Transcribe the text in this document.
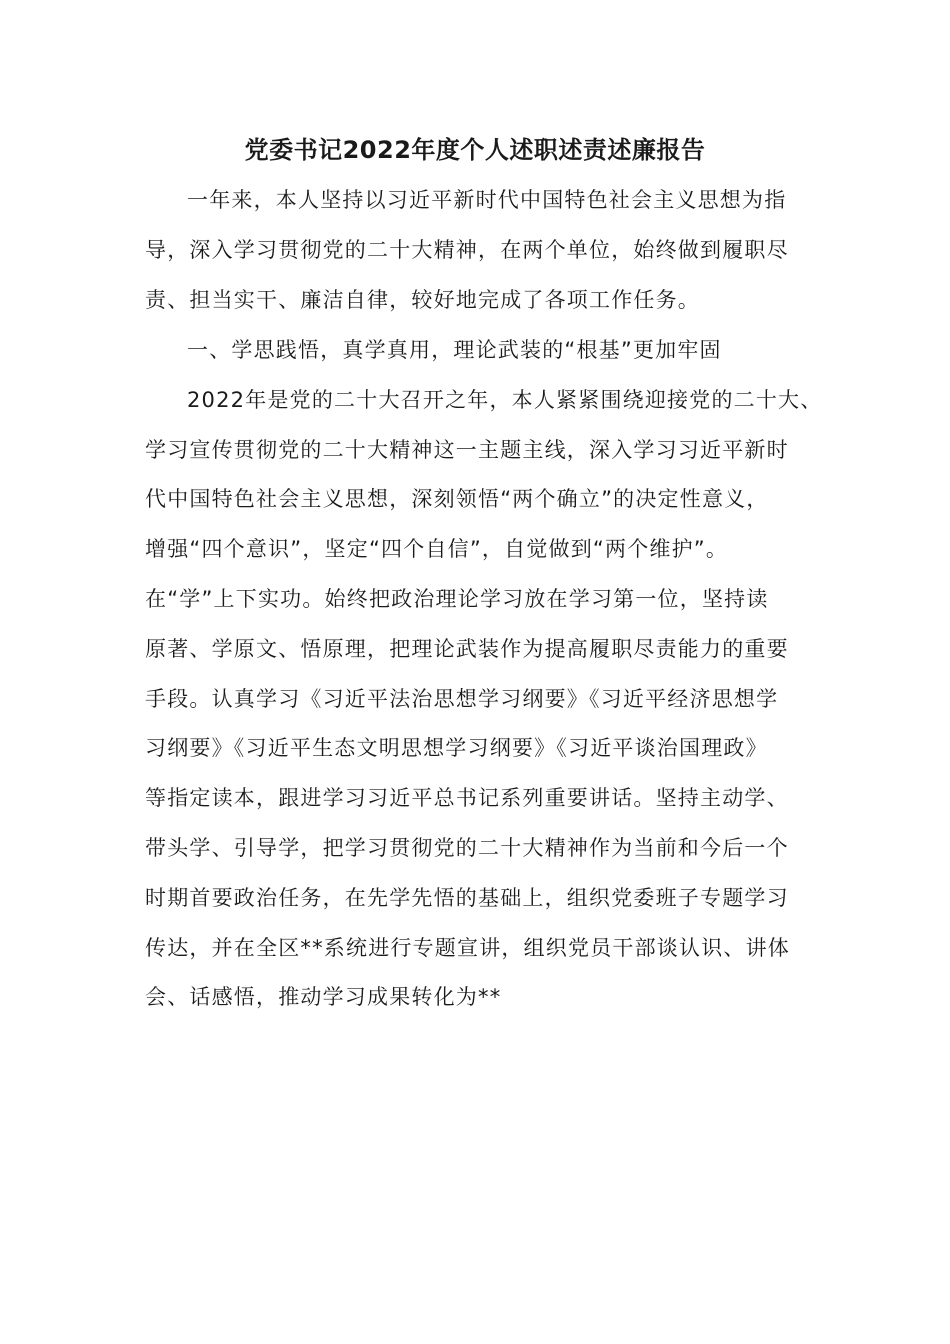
党委书记2022年度个人述职述责述廉报告
一年来，本人坚持以习近平新时代中国特色社会主义思想为指
导，深入学习贯彻党的二十大精神，在两个单位，始终做到履职尽
责、担当实干、廉洁自律，较好地完成了各项工作任务。
一、学思践悟，真学真用，理论武装的“根基”更加牢固
2022年是党的二十大召开之年，本人紧紧围绕迎接党的二十大、
学习宣传贯彻党的二十大精神这一主题主线，深入学习习近平新时
代中国特色社会主义思想，深刻领悟“两个确立”的决定性意义，
增强“四个意识”，坚定“四个自信”，自觉做到“两个维护”。
在“学”上下实功。始终把政治理论学习放在学习第一位，坚持读
原著、学原文、悟原理，把理论武装作为提高履职尽责能力的重要
手段。认真学习《习近平法治思想学习纲要》《习近平经济思想学
习纲要》《习近平生态文明思想学习纲要》《习近平谈治国理政》
等指定读本，跟进学习习近平总书记系列重要讲话。坚持主动学、
带头学、引导学，把学习贯彻党的二十大精神作为当前和今后一个
时期首要政治任务，在先学先悟的基础上，组织党委班子专题学习
传达，并在全区**系统进行专题宣讲，组织党员干部谈认识、讲体
会、话感悟，推动学习成果转化为**
